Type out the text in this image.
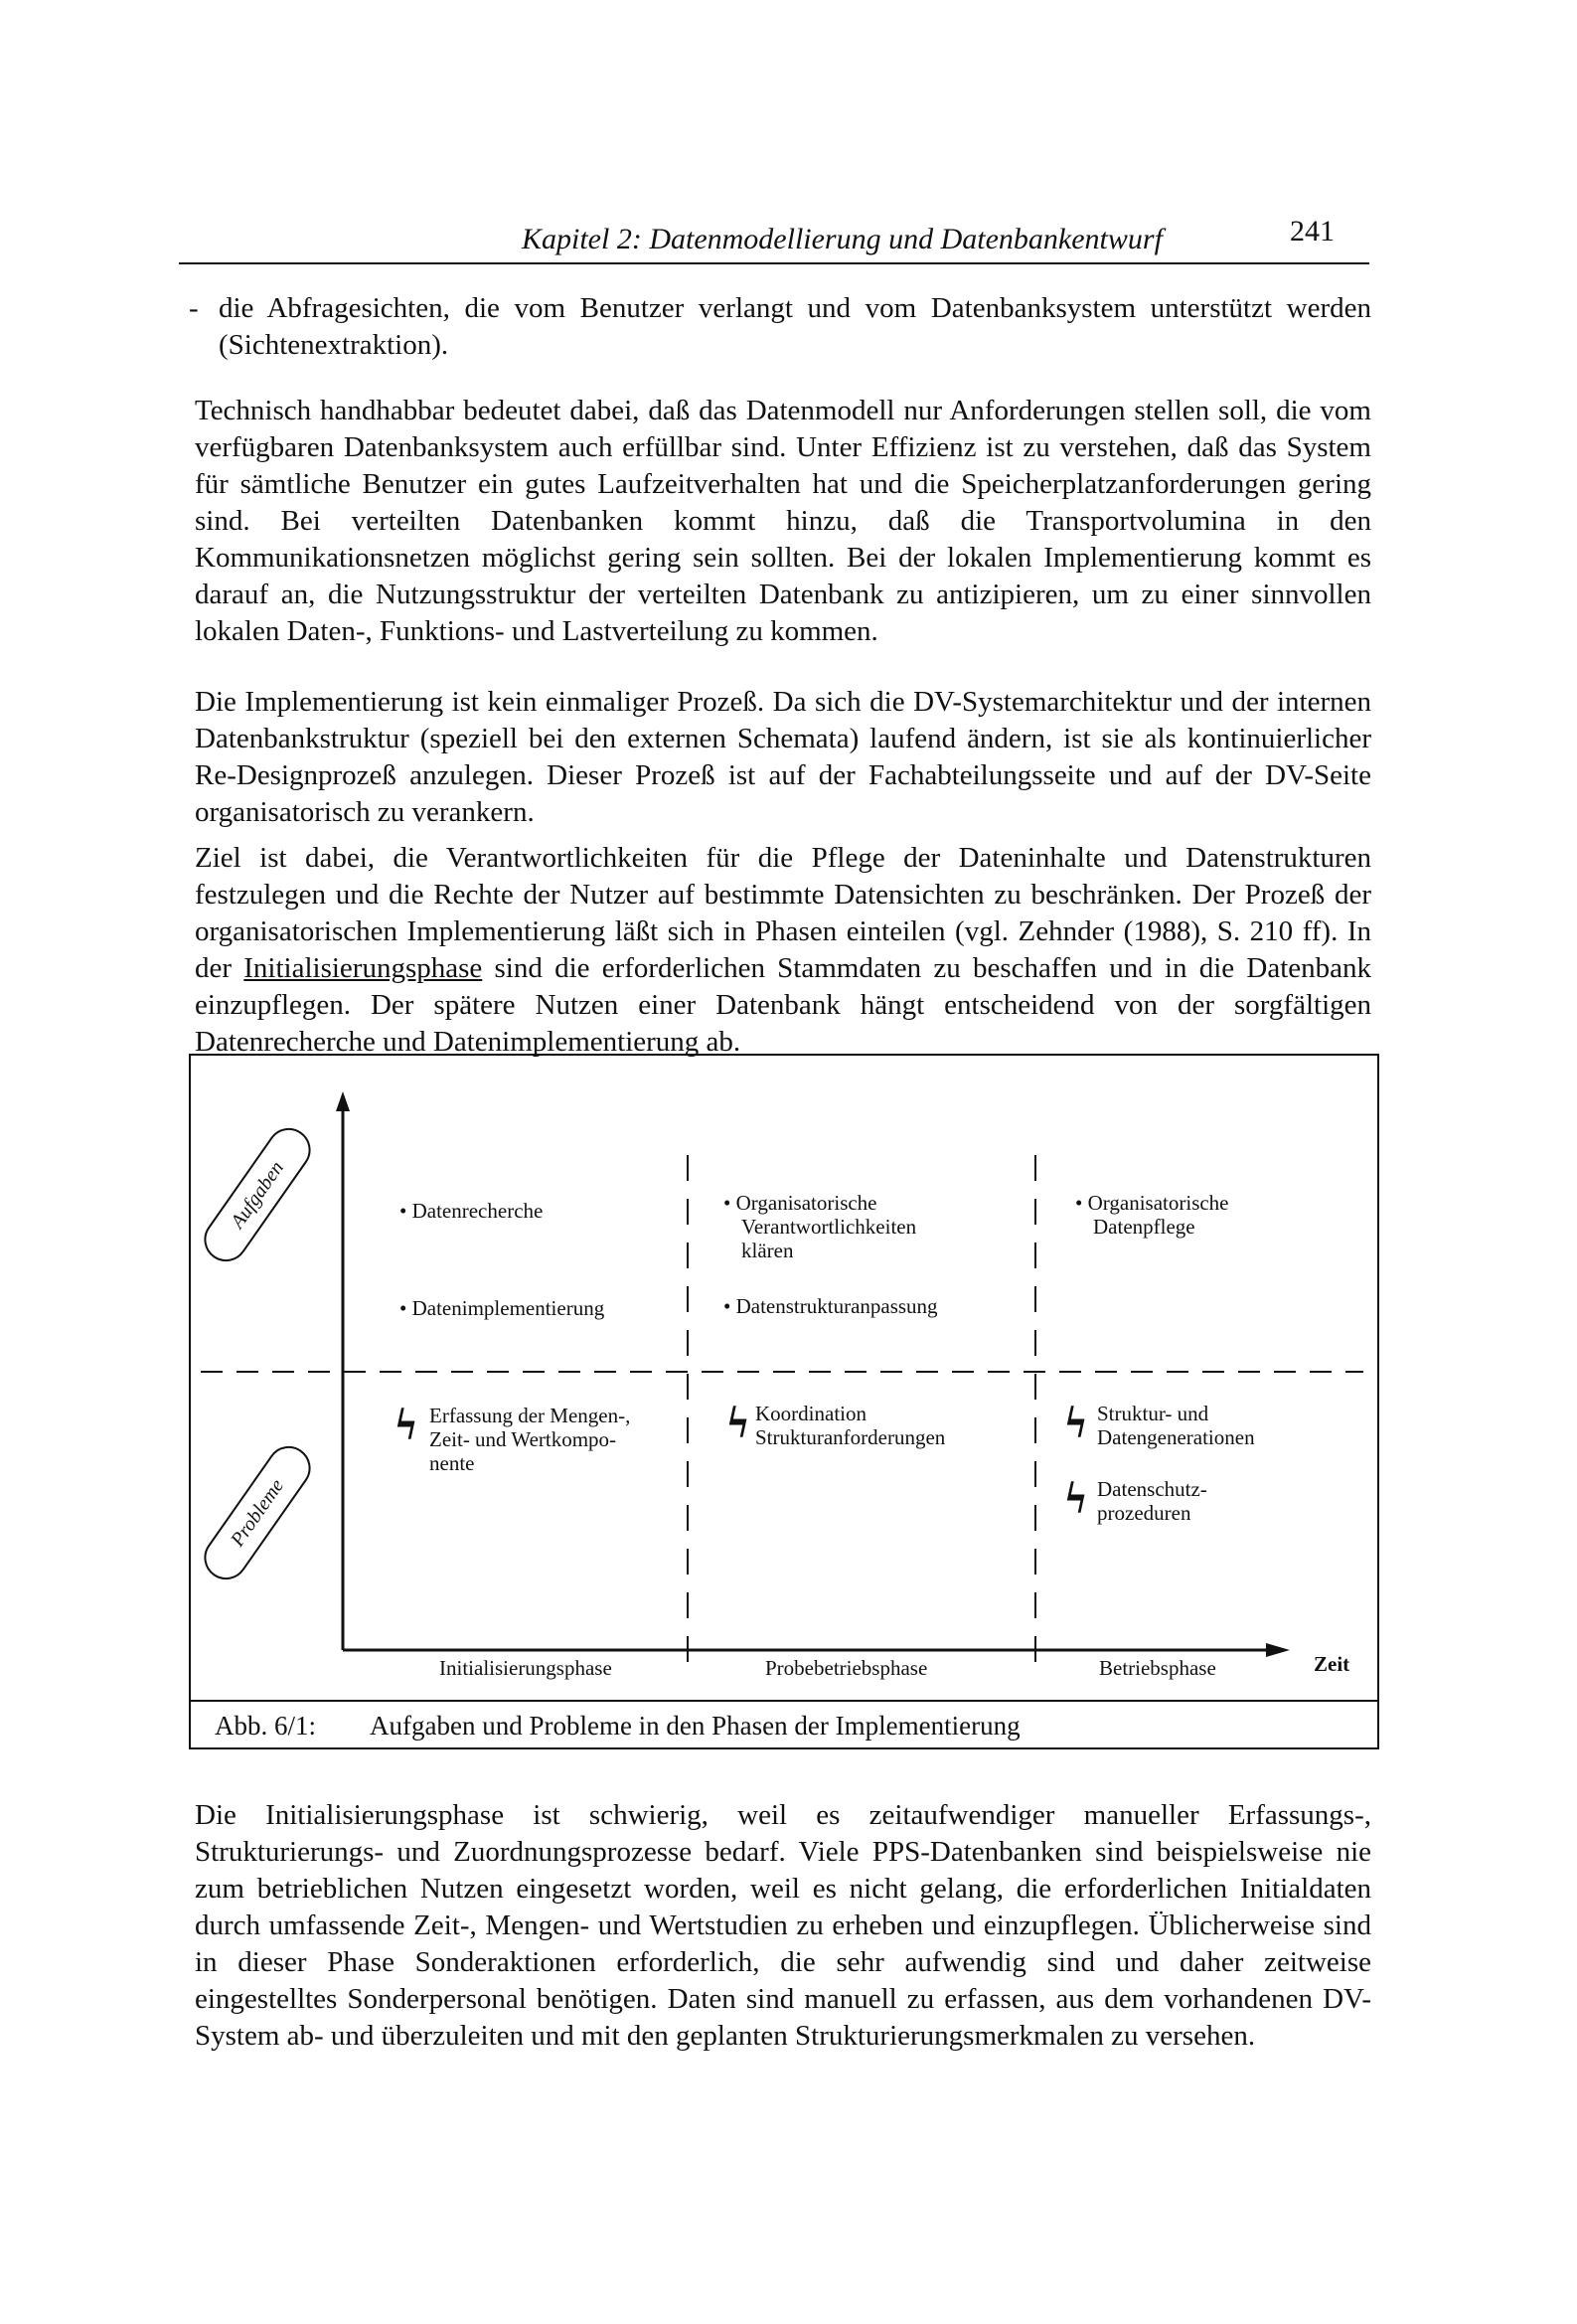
Kapitel 2: Datenmodellierung und Datenbankentwurf	241
- die Abfragesichten, die vom Benutzer verlangt und vom Datenbanksystem unterstützt werden (Sichtenextraktion).
Technisch handhabbar bedeutet dabei, daß das Datenmodell nur Anforderungen stellen soll, die vom verfügbaren Datenbanksystem auch erfüllbar sind. Unter Effizienz ist zu verstehen, daß das System für sämtliche Benutzer ein gutes Laufzeitverhalten hat und die Speicherplatzanforderungen gering sind. Bei verteilten Datenbanken kommt hinzu, daß die Transportvolumina in den Kommunikationsnetzen möglichst gering sein sollten. Bei der lokalen Implementierung kommt es darauf an, die Nutzungsstruktur der verteilten Datenbank zu antizipieren, um zu einer sinnvollen lokalen Daten-, Funktions- und Lastverteilung zu kommen.
Die Implementierung ist kein einmaliger Prozeß. Da sich die DV-Systemarchitektur und der internen Datenbankstruktur (speziell bei den externen Schemata) laufend ändern, ist sie als kontinuierlicher Re-Designprozeß anzulegen. Dieser Prozeß ist auf der Fachabteilungsseite und auf der DV-Seite organisatorisch zu verankern.
Ziel ist dabei, die Verantwortlichkeiten für die Pflege der Dateninhalte und Datenstrukturen festzulegen und die Rechte der Nutzer auf bestimmte Datensichten zu beschränken. Der Prozeß der organisatorischen Implementierung läßt sich in Phasen einteilen (vgl. Zehnder (1988), S. 210 ff). In der Initialisierungsphase sind die erforderlichen Stammdaten zu beschaffen und in die Datenbank einzupflegen. Der spätere Nutzen einer Datenbank hängt entscheidend von der sorgfältigen Datenrecherche und Datenimplementierung ab.
Aufgaben
Probleme
• Datenrecherche
• Datenimplementierung
• Organisatorische
Verantwortlichkeiten
klären
• Datenstrukturanpassung
• Organisatorische
Datenpflege
ϟ Erfassung der Mengen-,
Zeit- und Wertkompo-
nente
ϟ Koordination
Strukturanforderungen	ϟ Struktur- und
Datengenerationen
ϟ Datenschutz-
prozeduren
Initialisierungsphase	Probebetriebsphase	Betriebsphase	Zeit
Abb. 6/1: Aufgaben und Probleme in den Phasen der Implementierung
Die Initialisierungsphase ist schwierig, weil es zeitaufwendiger manueller Erfassungs-, Strukturierungs- und Zuordnungsprozesse bedarf. Viele PPS-Datenbanken sind beispielsweise nie zum betrieblichen Nutzen eingesetzt worden, weil es nicht gelang, die erforderlichen Initialdaten durch umfassende Zeit-, Mengen- und Wertstudien zu erheben und einzupflegen. Üblicherweise sind in dieser Phase Sonderaktionen erforderlich, die sehr aufwendig sind und daher zeitweise eingestelltes Sonderpersonal benötigen. Daten sind manuell zu erfassen, aus dem vorhandenen DV-System ab- und überzuleiten und mit den geplanten Strukturierungsmerkmalen zu versehen.
